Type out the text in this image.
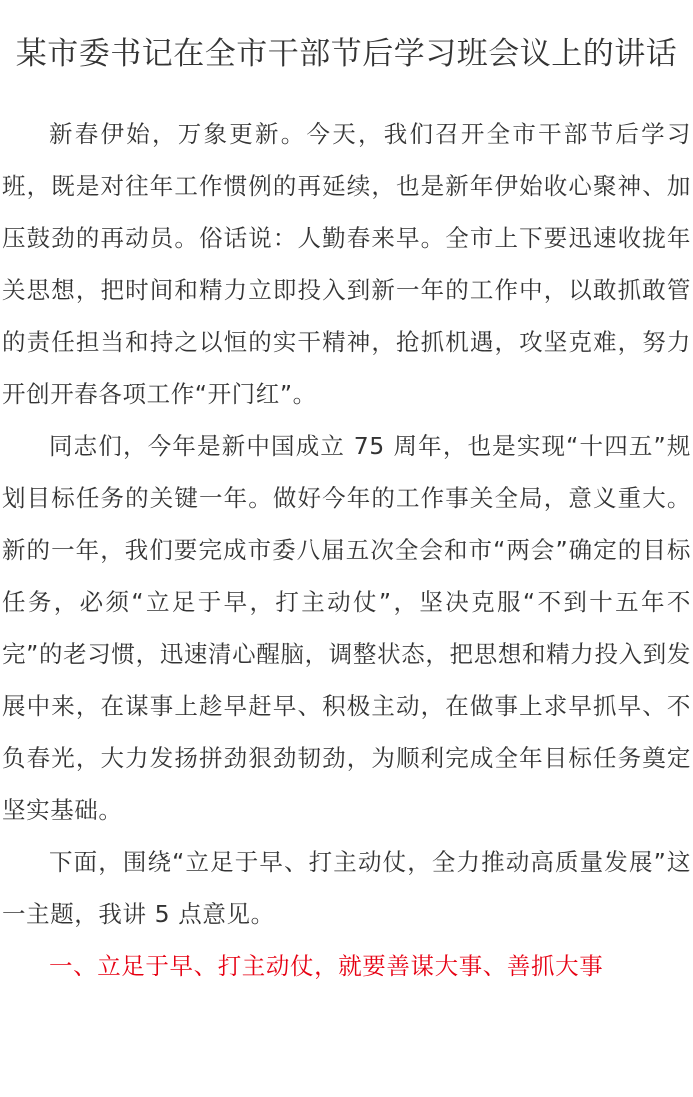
某市委书记在全市干部节后学习班会议上的讲话

新春伊始，万象更新。今天，我们召开全市干部节后学习班，既是对往年工作惯例的再延续，也是新年伊始收心聚神、加压鼓劲的再动员。俗话说：人勤春来早。全市上下要迅速收拢年关思想，把时间和精力立即投入到新一年的工作中，以敢抓敢管的责任担当和持之以恒的实干精神，抢抓机遇，攻坚克难，努力开创开春各项工作“开门红”。

同志们，今年是新中国成立 75 周年，也是实现“十四五”规划目标任务的关键一年。做好今年的工作事关全局，意义重大。新的一年，我们要完成市委八届五次全会和市“两会”确定的目标任务，必须“立足于早，打主动仗”，坚决克服“不到十五年不完”的老习惯，迅速清心醒脑，调整状态，把思想和精力投入到发展中来，在谋事上趁早赶早、积极主动，在做事上求早抓早、不负春光，大力发扬拼劲狠劲韧劲，为顺利完成全年目标任务奠定坚实基础。

下面，围绕“立足于早、打主动仗，全力推动高质量发展”这一主题，我讲 5 点意见。

一、立足于早、打主动仗，就要善谋大事、善抓大事
